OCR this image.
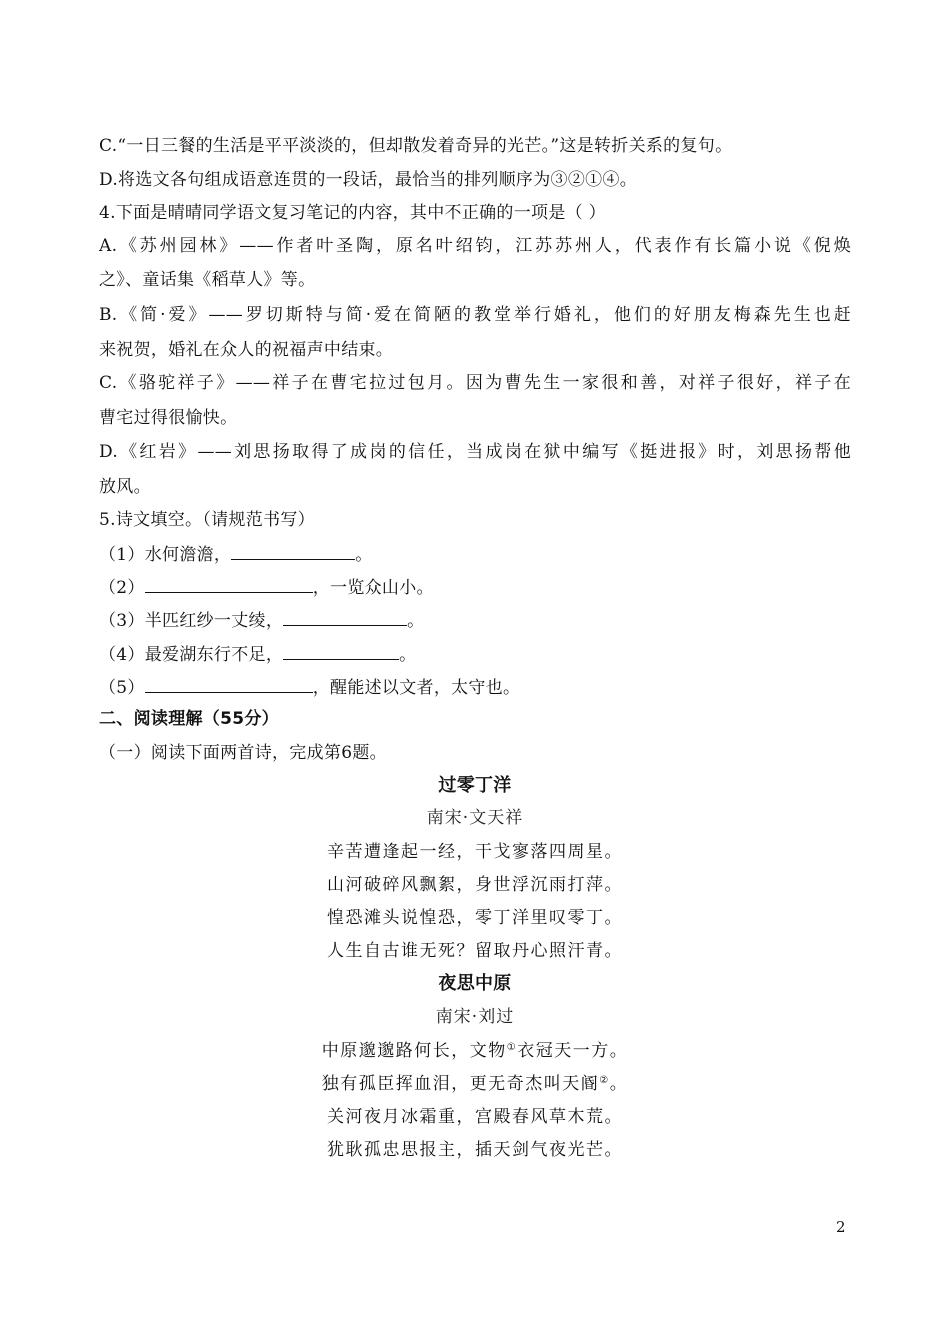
C.“一日三餐的生活是平平淡淡的，但却散发着奇异的光芒。”这是转折关系的复句。
D.将选文各句组成语意连贯的一段话，最恰当的排列顺序为③②①④。
4.下面是晴晴同学语文复习笔记的内容，其中不正确的一项是（ ）
A.《苏州园林》——作者叶圣陶，原名叶绍钧，江苏苏州人，代表作有长篇小说《倪焕
之》、童话集《稻草人》等。
B.《简·爱》——罗切斯特与简·爱在简陋的教堂举行婚礼，他们的好朋友梅森先生也赶
来祝贺，婚礼在众人的祝福声中结束。
C.《骆驼祥子》——祥子在曹宅拉过包月。因为曹先生一家很和善，对祥子很好，祥子在
曹宅过得很愉快。
D.《红岩》——刘思扬取得了成岗的信任，当成岗在狱中编写《挺进报》时，刘思扬帮他
放风。
5.诗文填空。（请规范书写）
（1）水何澹澹，	。
（2）	，一览众山小。
（3）半匹红纱一丈绫，	。
（4）最爱湖东行不足，	。
（5）	，醒能述以文者，太守也。
二、阅读理解（55分）
（一）阅读下面两首诗，完成第6题。
过零丁洋
南宋·文天祥
辛苦遭逢起一经，干戈寥落四周星。
山河破碎风飘絮，身世浮沉雨打萍。
惶恐滩头说惶恐，零丁洋里叹零丁。
人生自古谁无死？留取丹心照汗青。
夜思中原
南宋·刘过
中原邈邈路何长，文物①衣冠天一方。
独有孤臣挥血泪，更无奇杰叫天阍②。
关河夜月冰霜重，宫殿春风草木荒。
犹耿孤忠思报主，插天剑气夜光芒。
2
